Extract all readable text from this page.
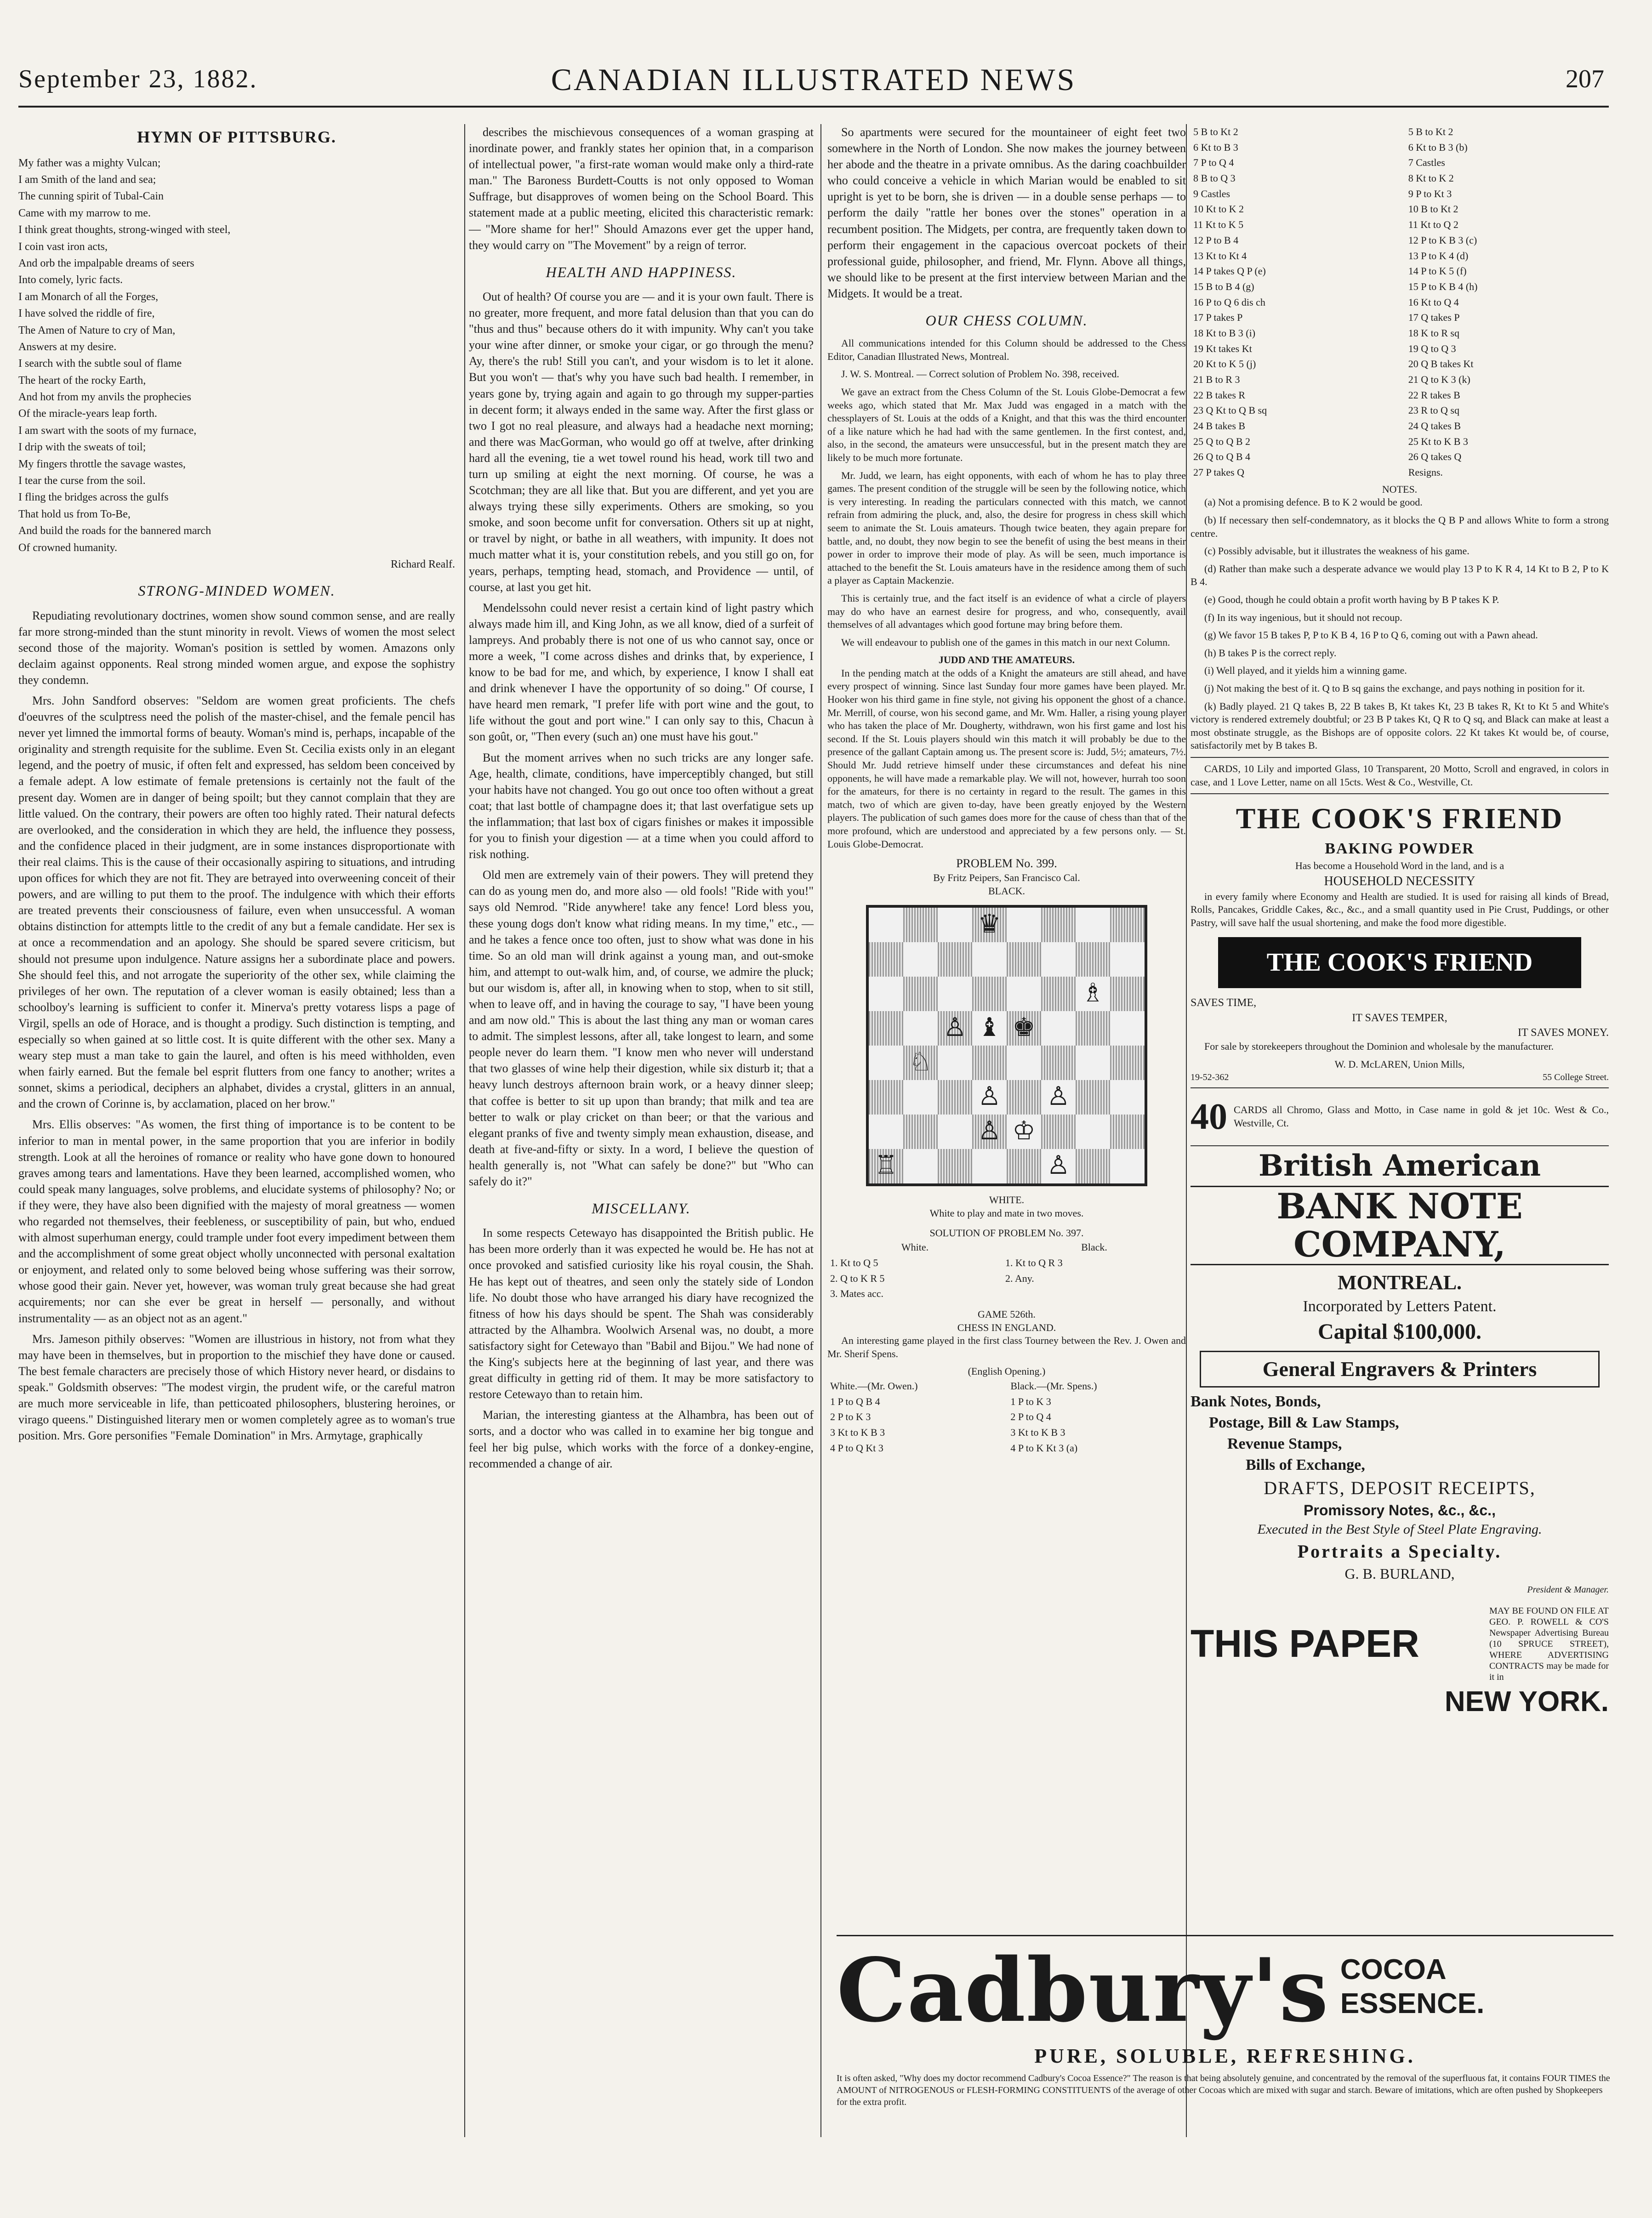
September 23, 1882.	CANADIAN ILLUSTRATED NEWS	207
HYMN OF PITTSBURG.

My father was a mighty Vulcan;

I am Smith of the land and sea;

The cunning spirit of Tubal-Cain

Came with my marrow to me.

I think great thoughts, strong-winged with steel,

I coin vast iron acts,

And orb the impalpable dreams of seers

Into comely, lyric facts.

I am Monarch of all the Forges,

I have solved the riddle of fire,

The Amen of Nature to cry of Man,

Answers at my desire.

I search with the subtle soul of flame

The heart of the rocky Earth,

And hot from my anvils the prophecies

Of the miracle-years leap forth.

I am swart with the soots of my furnace,

I drip with the sweats of toil;

My fingers throttle the savage wastes,

I tear the curse from the soil.

I fling the bridges across the gulfs

That hold us from To-Be,

And build the roads for the bannered march

Of crowned humanity.

Richard Realf.
STRONG-MINDED WOMEN.

Repudiating revolutionary doctrines, women show sound common sense, and are really far more strong-minded than the stunt minority in revolt. Views of women the most select second those of the majority. Woman's position is settled by women. Amazons only declaim against opponents. Real strong minded women argue, and expose the sophistry they condemn.

Mrs. John Sandford observes: "Seldom are women great proficients. The chefs d'oeuvres of the sculptress need the polish of the master-chisel, and the female pencil has never yet limned the immortal forms of beauty. Woman's mind is, perhaps, incapable of the originality and strength requisite for the sublime. Even St. Cecilia exists only in an elegant legend, and the poetry of music, if often felt and expressed, has seldom been conceived by a female adept. A low estimate of female pretensions is certainly not the fault of the present day. Women are in danger of being spoilt; but they cannot complain that they are little valued. On the contrary, their powers are often too highly rated. Their natural defects are overlooked, and the consideration in which they are held, the influence they possess, and the confidence placed in their judgment, are in some instances disproportionate with their real claims. This is the cause of their occasionally aspiring to situations, and intruding upon offices for which they are not fit. They are betrayed into overweening conceit of their powers, and are willing to put them to the proof. The indulgence with which their efforts are treated prevents their consciousness of failure, even when unsuccessful. A woman obtains distinction for attempts little to the credit of any but a female candidate. Her sex is at once a recommendation and an apology. She should be spared severe criticism, but should not presume upon indulgence. Nature assigns her a subordinate place and powers. She should feel this, and not arrogate the superiority of the other sex, while claiming the privileges of her own. The reputation of a clever woman is easily obtained; less than a schoolboy's learning is sufficient to confer it. Minerva's pretty votaress lisps a page of Virgil, spells an ode of Horace, and is thought a prodigy. Such distinction is tempting, and especially so when gained at so little cost. It is quite different with the other sex. Many a weary step must a man take to gain the laurel, and often is his meed withholden, even when fairly earned. But the female bel esprit flutters from one fancy to another; writes a sonnet, skims a periodical, deciphers an alphabet, divides a crystal, glitters in an annual, and the crown of Corinne is, by acclamation, placed on her brow."

Mrs. Ellis observes: "As women, the first thing of importance is to be content to be inferior to man in mental power, in the same proportion that you are inferior in bodily strength. Look at all the heroines of romance or reality who have gone down to honoured graves among tears and lamentations. Have they been learned, accomplished women, who could speak many languages, solve problems, and elucidate systems of philosophy? No; or if they were, they have also been dignified with the majesty of moral greatness — women who regarded not themselves, their feebleness, or susceptibility of pain, but who, endued with almost superhuman energy, could trample under foot every impediment between them and the accomplishment of some great object wholly unconnected with personal exaltation or enjoyment, and related only to some beloved being whose suffering was their sorrow, whose good their gain. Never yet, however, was woman truly great because she had great acquirements; nor can she ever be great in herself — personally, and without instrumentality — as an object not as an agent."

Mrs. Jameson pithily observes: "Women are illustrious in history, not from what they may have been in themselves, but in proportion to the mischief they have done or caused. The best female characters are precisely those of which History never heard, or disdains to speak." Goldsmith observes: "The modest virgin, the prudent wife, or the careful matron are much more serviceable in life, than petticoated philosophers, blustering heroines, or virago queens." Distinguished literary men or women completely agree as to woman's true position. Mrs. Gore personifies "Female Domination" in Mrs. Armytage, graphically

describes the mischievous consequences of a woman grasping at inordinate power, and frankly states her opinion that, in a comparison of intellectual power, "a first-rate woman would make only a third-rate man." The Baroness Burdett-Coutts is not only opposed to Woman Suffrage, but disapproves of women being on the School Board. This statement made at a public meeting, elicited this characteristic remark: — "More shame for her!" Should Amazons ever get the upper hand, they would carry on "The Movement" by a reign of terror.

HEALTH AND HAPPINESS.

Out of health? Of course you are — and it is your own fault. There is no greater, more frequent, and more fatal delusion than that you can do "thus and thus" because others do it with impunity. Why can't you take your wine after dinner, or smoke your cigar, or go through the menu? Ay, there's the rub! Still you can't, and your wisdom is to let it alone. But you won't — that's why you have such bad health. I remember, in years gone by, trying again and again to go through my supper-parties in decent form; it always ended in the same way. After the first glass or two I got no real pleasure, and always had a headache next morning; and there was MacGorman, who would go off at twelve, after drinking hard all the evening, tie a wet towel round his head, work till two and turn up smiling at eight the next morning. Of course, he was a Scotchman; they are all like that. But you are different, and yet you are always trying these silly experiments. Others are smoking, so you smoke, and soon become unfit for conversation. Others sit up at night, or travel by night, or bathe in all weathers, with impunity. It does not much matter what it is, your constitution rebels, and you still go on, for years, perhaps, tempting head, stomach, and Providence — until, of course, at last you get hit.

Mendelssohn could never resist a certain kind of light pastry which always made him ill, and King John, as we all know, died of a surfeit of lampreys. And probably there is not one of us who cannot say, once or more a week, "I come across dishes and drinks that, by experience, I know to be bad for me, and which, by experience, I know I shall eat and drink whenever I have the opportunity of so doing." Of course, I have heard men remark, "I prefer life with port wine and the gout, to life without the gout and port wine." I can only say to this, Chacun à son goût, or, "Then every (such an) one must have his gout."

But the moment arrives when no such tricks are any longer safe. Age, health, climate, conditions, have imperceptibly changed, but still your habits have not changed. You go out once too often without a great coat; that last bottle of champagne does it; that last overfatigue sets up the inflammation; that last box of cigars finishes or makes it impossible for you to finish your digestion — at a time when you could afford to risk nothing.

Old men are extremely vain of their powers. They will pretend they can do as young men do, and more also — old fools! "Ride with you!" says old Nemrod. "Ride anywhere! take any fence! Lord bless you, these young dogs don't know what riding means. In my time," etc., — and he takes a fence once too often, just to show what was done in his time. So an old man will drink against a young man, and out-smoke him, and attempt to out-walk him, and, of course, we admire the pluck; but our wisdom is, after all, in knowing when to stop, when to sit still, when to leave off, and in having the courage to say, "I have been young and am now old." This is about the last thing any man or woman cares to admit. The simplest lessons, after all, take longest to learn, and some people never do learn them. "I know men who never will understand that two glasses of wine help their digestion, while six disturb it; that a heavy lunch destroys afternoon brain work, or a heavy dinner sleep; that coffee is better to sit up upon than brandy; that milk and tea are better to walk or play cricket on than beer; or that the various and elegant pranks of five and twenty simply mean exhaustion, disease, and death at five-and-fifty or sixty. In a word, I believe the question of health generally is, not "What can safely be done?" but "Who can safely do it?"

MISCELLANY.

In some respects Cetewayo has disappointed the British public. He has been more orderly than it was expected he would be. He has not at once provoked and satisfied curiosity like his royal cousin, the Shah. He has kept out of theatres, and seen only the stately side of London life. No doubt those who have arranged his diary have recognized the fitness of how his days should be spent. The Shah was considerably attracted by the Alhambra. Woolwich Arsenal was, no doubt, a more satisfactory sight for Cetewayo than "Babil and Bijou." We had none of the King's subjects here at the beginning of last year, and there was great difficulty in getting rid of them. It may be more satisfactory to restore Cetewayo than to retain him.

Marian, the interesting giantess at the Alhambra, has been out of sorts, and a doctor who was called in to examine her big tongue and feel her big pulse, which works with the force of a donkey-engine, recommended a change of air.

So apartments were secured for the mountaineer of eight feet two somewhere in the North of London. She now makes the journey between her abode and the theatre in a private omnibus. As the daring coachbuilder who could conceive a vehicle in which Marian would be enabled to sit upright is yet to be born, she is driven — in a double sense perhaps — to perform the daily "rattle her bones over the stones" operation in a recumbent position. The Midgets, per contra, are frequently taken down to perform their engagement in the capacious overcoat pockets of their professional guide, philosopher, and friend, Mr. Flynn. Above all things, we should like to be present at the first interview between Marian and the Midgets. It would be a treat.

OUR CHESS COLUMN.

All communications intended for this Column should be addressed to the Chess Editor, Canadian Illustrated News, Montreal.

J. W. S. Montreal. — Correct solution of Problem No. 398, received.

We gave an extract from the Chess Column of the St. Louis Globe-Democrat a few weeks ago, which stated that Mr. Max Judd was engaged in a match with the chessplayers of St. Louis at the odds of a Knight, and that this was the third encounter of a like nature which he had had with the same gentlemen. In the first contest, and, also, in the second, the amateurs were unsuccessful, but in the present match they are likely to be much more fortunate.

Mr. Judd, we learn, has eight opponents, with each of whom he has to play three games. The present condition of the struggle will be seen by the following notice, which is very interesting. In reading the particulars connected with this match, we cannot refrain from admiring the pluck, and, also, the desire for progress in chess skill which seem to animate the St. Louis amateurs. Though twice beaten, they again prepare for battle, and, no doubt, they now begin to see the benefit of using the best means in their power in order to improve their mode of play. As will be seen, much importance is attached to the benefit the St. Louis amateurs have in the residence among them of such a player as Captain Mackenzie.

This is certainly true, and the fact itself is an evidence of what a circle of players may do who have an earnest desire for progress, and who, consequently, avail themselves of all advantages which good fortune may bring before them.

We will endeavour to publish one of the games in this match in our next Column.

JUDD AND THE AMATEURS.

In the pending match at the odds of a Knight the amateurs are still ahead, and have every prospect of winning. Since last Sunday four more games have been played. Mr. Hooker won his third game in fine style, not giving his opponent the ghost of a chance. Mr. Merrill, of course, won his second game, and Mr. Wm. Haller, a rising young player who has taken the place of Mr. Dougherty, withdrawn, won his first game and lost his second. If the St. Louis players should win this match it will probably be due to the presence of the gallant Captain among us. The present score is: Judd, 5½; amateurs, 7½. Should Mr. Judd retrieve himself under these circumstances and defeat his nine opponents, he will have made a remarkable play. We will not, however, hurrah too soon for the amateurs, for there is no certainty in regard to the result. The games in this match, two of which are given to-day, have been greatly enjoyed by the Western players. The publication of such games does more for the cause of chess than that of the more profound, which are understood and appreciated by a few persons only. — St. Louis Globe-Democrat.

PROBLEM No. 399.
By Fritz Peipers, San Francisco Cal.
BLACK.
♛
♗
♙ ♝ ♚
♘
♙ ♙
♙ ♔
♖	♙
WHITE.
White to play and mate in two moves.
SOLUTION OF PROBLEM No. 397.
White.	Black.
1. Kt to Q 5	1. Kt to Q R 3
2. Q to K R 5	2. Any.
3. Mates acc.	
GAME 526th.
CHESS IN ENGLAND.

An interesting game played in the first class Tourney between the Rev. J. Owen and Mr. Sherif Spens.

(English Opening.)
White.—(Mr. Owen.)	Black.—(Mr. Spens.)
1 P to Q B 4	1 P to K 3
2 P to K 3	2 P to Q 4
3 Kt to K B 3	3 Kt to K B 3
4 P to Q Kt 3	4 P to K Kt 3 (a)
5 B to Kt 2	5 B to Kt 2
6 Kt to B 3	6 Kt to B 3 (b)
7 P to Q 4	7 Castles
8 B to Q 3	8 Kt to K 2
9 Castles	9 P to Kt 3
10 Kt to K 2	10 B to Kt 2
11 Kt to K 5	11 Kt to Q 2
12 P to B 4	12 P to K B 3 (c)
13 Kt to Kt 4	13 P to K 4 (d)
14 P takes Q P (e)	14 P to K 5 (f)
15 B to B 4 (g)	15 P to K B 4 (h)
16 P to Q 6 dis ch	16 Kt to Q 4
17 P takes P	17 Q takes P
18 Kt to B 3 (i)	18 K to R sq
19 Kt takes Kt	19 Q to Q 3
20 Kt to K 5 (j)	20 Q B takes Kt
21 B to R 3	21 Q to K 3 (k)
22 B takes R	22 R takes B
23 Q Kt to Q B sq	23 R to Q sq
24 B takes B	24 Q takes B
25 Q to Q B 2	25 Kt to K B 3
26 Q to Q B 4	26 Q takes Q
27 P takes Q	Resigns.
NOTES.

(a) Not a promising defence. B to K 2 would be good.

(b) If necessary then self-condemnatory, as it blocks the Q B P and allows White to form a strong centre.

(c) Possibly advisable, but it illustrates the weakness of his game.

(d) Rather than make such a desperate advance we would play 13 P to K R 4, 14 Kt to B 2, P to K B 4.

(e) Good, though he could obtain a profit worth having by B P takes K P.

(f) In its way ingenious, but it should not recoup.

(g) We favor 15 B takes P, P to K B 4, 16 P to Q 6, coming out with a Pawn ahead.

(h) B takes P is the correct reply.

(i) Well played, and it yields him a winning game.

(j) Not making the best of it. Q to B sq gains the exchange, and pays nothing in position for it.

(k) Badly played. 21 Q takes B, 22 B takes B, Kt takes Kt, 23 B takes R, Kt to Kt 5 and White's victory is rendered extremely doubtful; or 23 B P takes Kt, Q R to Q sq, and Black can make at least a most obstinate struggle, as the Bishops are of opposite colors. 22 Kt takes Kt would be, of course, satisfactorily met by B takes B.

CARDS, 10 Lily and imported Glass, 10 Transparent, 20 Motto, Scroll and engraved, in colors in case, and 1 Love Letter, name on all 15cts. West & Co., Westville, Ct.

THE COOK'S FRIEND
BAKING POWDER
Has become a Household Word in the land, and is a
HOUSEHOLD NECESSITY

in every family where Economy and Health are studied. It is used for raising all kinds of Bread, Rolls, Pancakes, Griddle Cakes, &c., &c., and a small quantity used in Pie Crust, Puddings, or other Pastry, will save half the usual shortening, and make the food more digestible.

THE COOK'S FRIEND
SAVES TIME,
IT SAVES TEMPER,
IT SAVES MONEY.

For sale by storekeepers throughout the Dominion and wholesale by the manufacturer.

W. D. McLAREN, Union Mills,
19-52-362	55 College Street.
40 CARDS all Chromo, Glass and Motto, in Case name in gold & jet 10c. West & Co., Westville, Ct.
British American
BANK NOTE COMPANY,
MONTREAL.
Incorporated by Letters Patent.
Capital $100,000.
General Engravers & Printers
Bank Notes, Bonds,
Postage, Bill & Law Stamps,
Revenue Stamps,
Bills of Exchange,
DRAFTS, DEPOSIT RECEIPTS,
Promissory Notes, &c., &c.,
Executed in the Best Style of Steel Plate Engraving.
Portraits a Specialty.
G. B. BURLAND,
President & Manager.
THIS PAPER
MAY BE FOUND ON FILE AT GEO. P. ROWELL & CO'S Newspaper Advertising Bureau (10 SPRUCE STREET), WHERE ADVERTISING CONTRACTS may be made for it in
NEW YORK.
Cadbury's COCOA
ESSENCE.
PURE, SOLUBLE, REFRESHING.
It is often asked, "Why does my doctor recommend Cadbury's Cocoa Essence?" The reason is that being absolutely genuine, and concentrated by the removal of the superfluous fat, it contains FOUR TIMES the AMOUNT of NITROGENOUS or FLESH-FORMING CONSTITUENTS of the average of other Cocoas which are mixed with sugar and starch. Beware of imitations, which are often pushed by Shopkeepers for the extra profit.
